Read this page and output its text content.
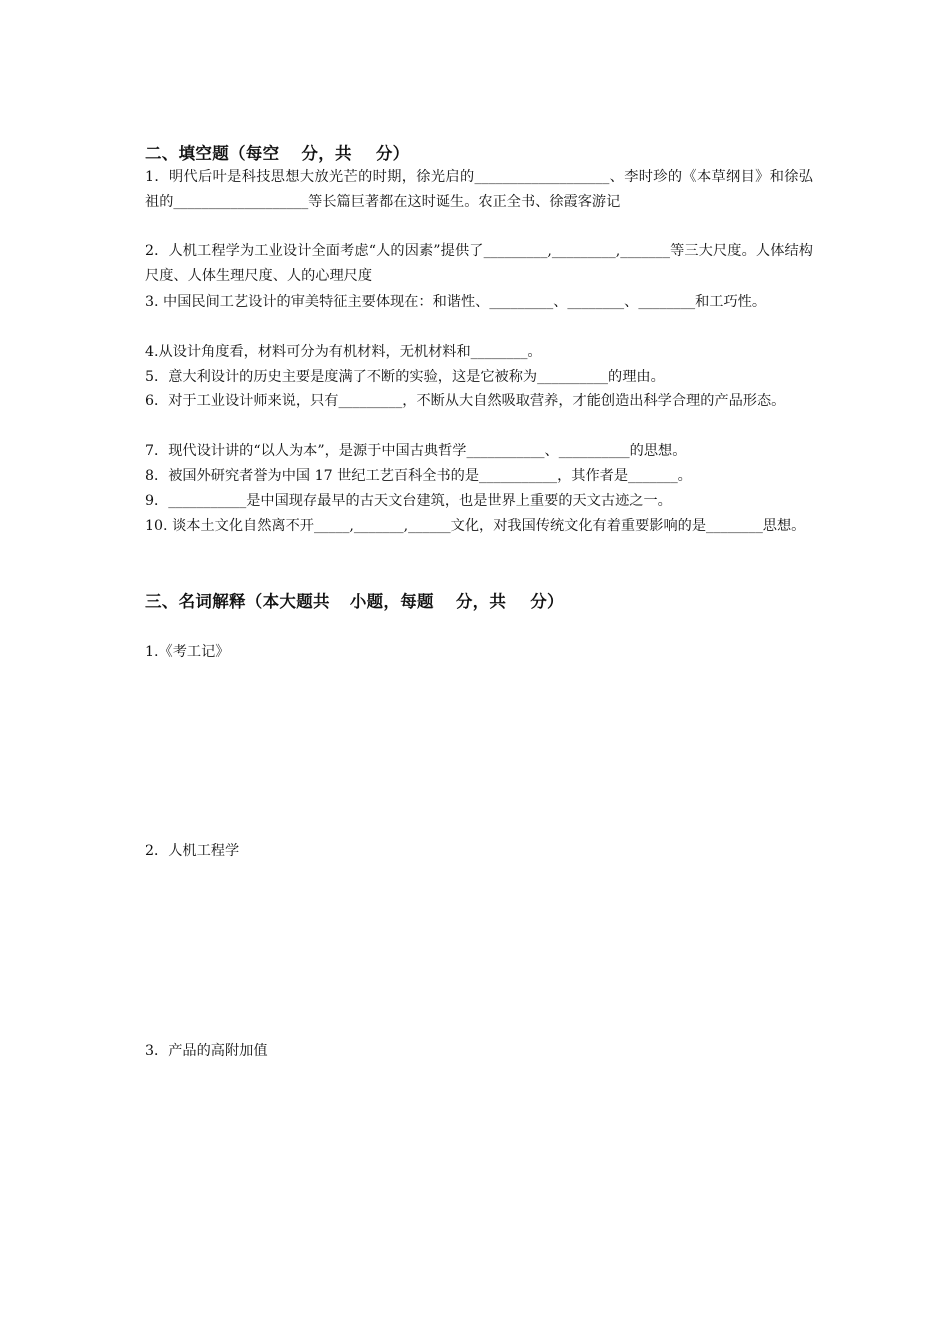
二、填空题（每空 分，共 分）
1．明代后叶是科技思想大放光芒的时期，徐光启的___________________、李时珍的《本草纲目》和徐弘祖的___________________等长篇巨著都在这时诞生。农正全书、徐霞客游记
2．人机工程学为工业设计全面考虑“人的因素”提供了_________,_________,_______等三大尺度。人体结构尺度、人体生理尺度、人的心理尺度
3. 中国民间工艺设计的审美特征主要体现在：和谐性、_________、________、________和工巧性。
4.从设计角度看，材料可分为有机材料，无机材料和________。
5．意大利设计的历史主要是度满了不断的实验，这是它被称为__________的理由。
6．对于工业设计师来说，只有_________，不断从大自然吸取营养，才能创造出科学合理的产品形态。
7．现代设计讲的“以人为本”，是源于中国古典哲学___________、__________的思想。
8．被国外研究者誉为中国 17 世纪工艺百科全书的是___________，其作者是_______。
9．___________是中国现存最早的古天文台建筑，也是世界上重要的天文古迹之一。
10. 谈本土文化自然离不开_____,_______,______文化，对我国传统文化有着重要影响的是________思想。
三、名词解释（本大题共 小题，每题 分，共 分）
1.《考工记》
2．人机工程学
3．产品的高附加值
